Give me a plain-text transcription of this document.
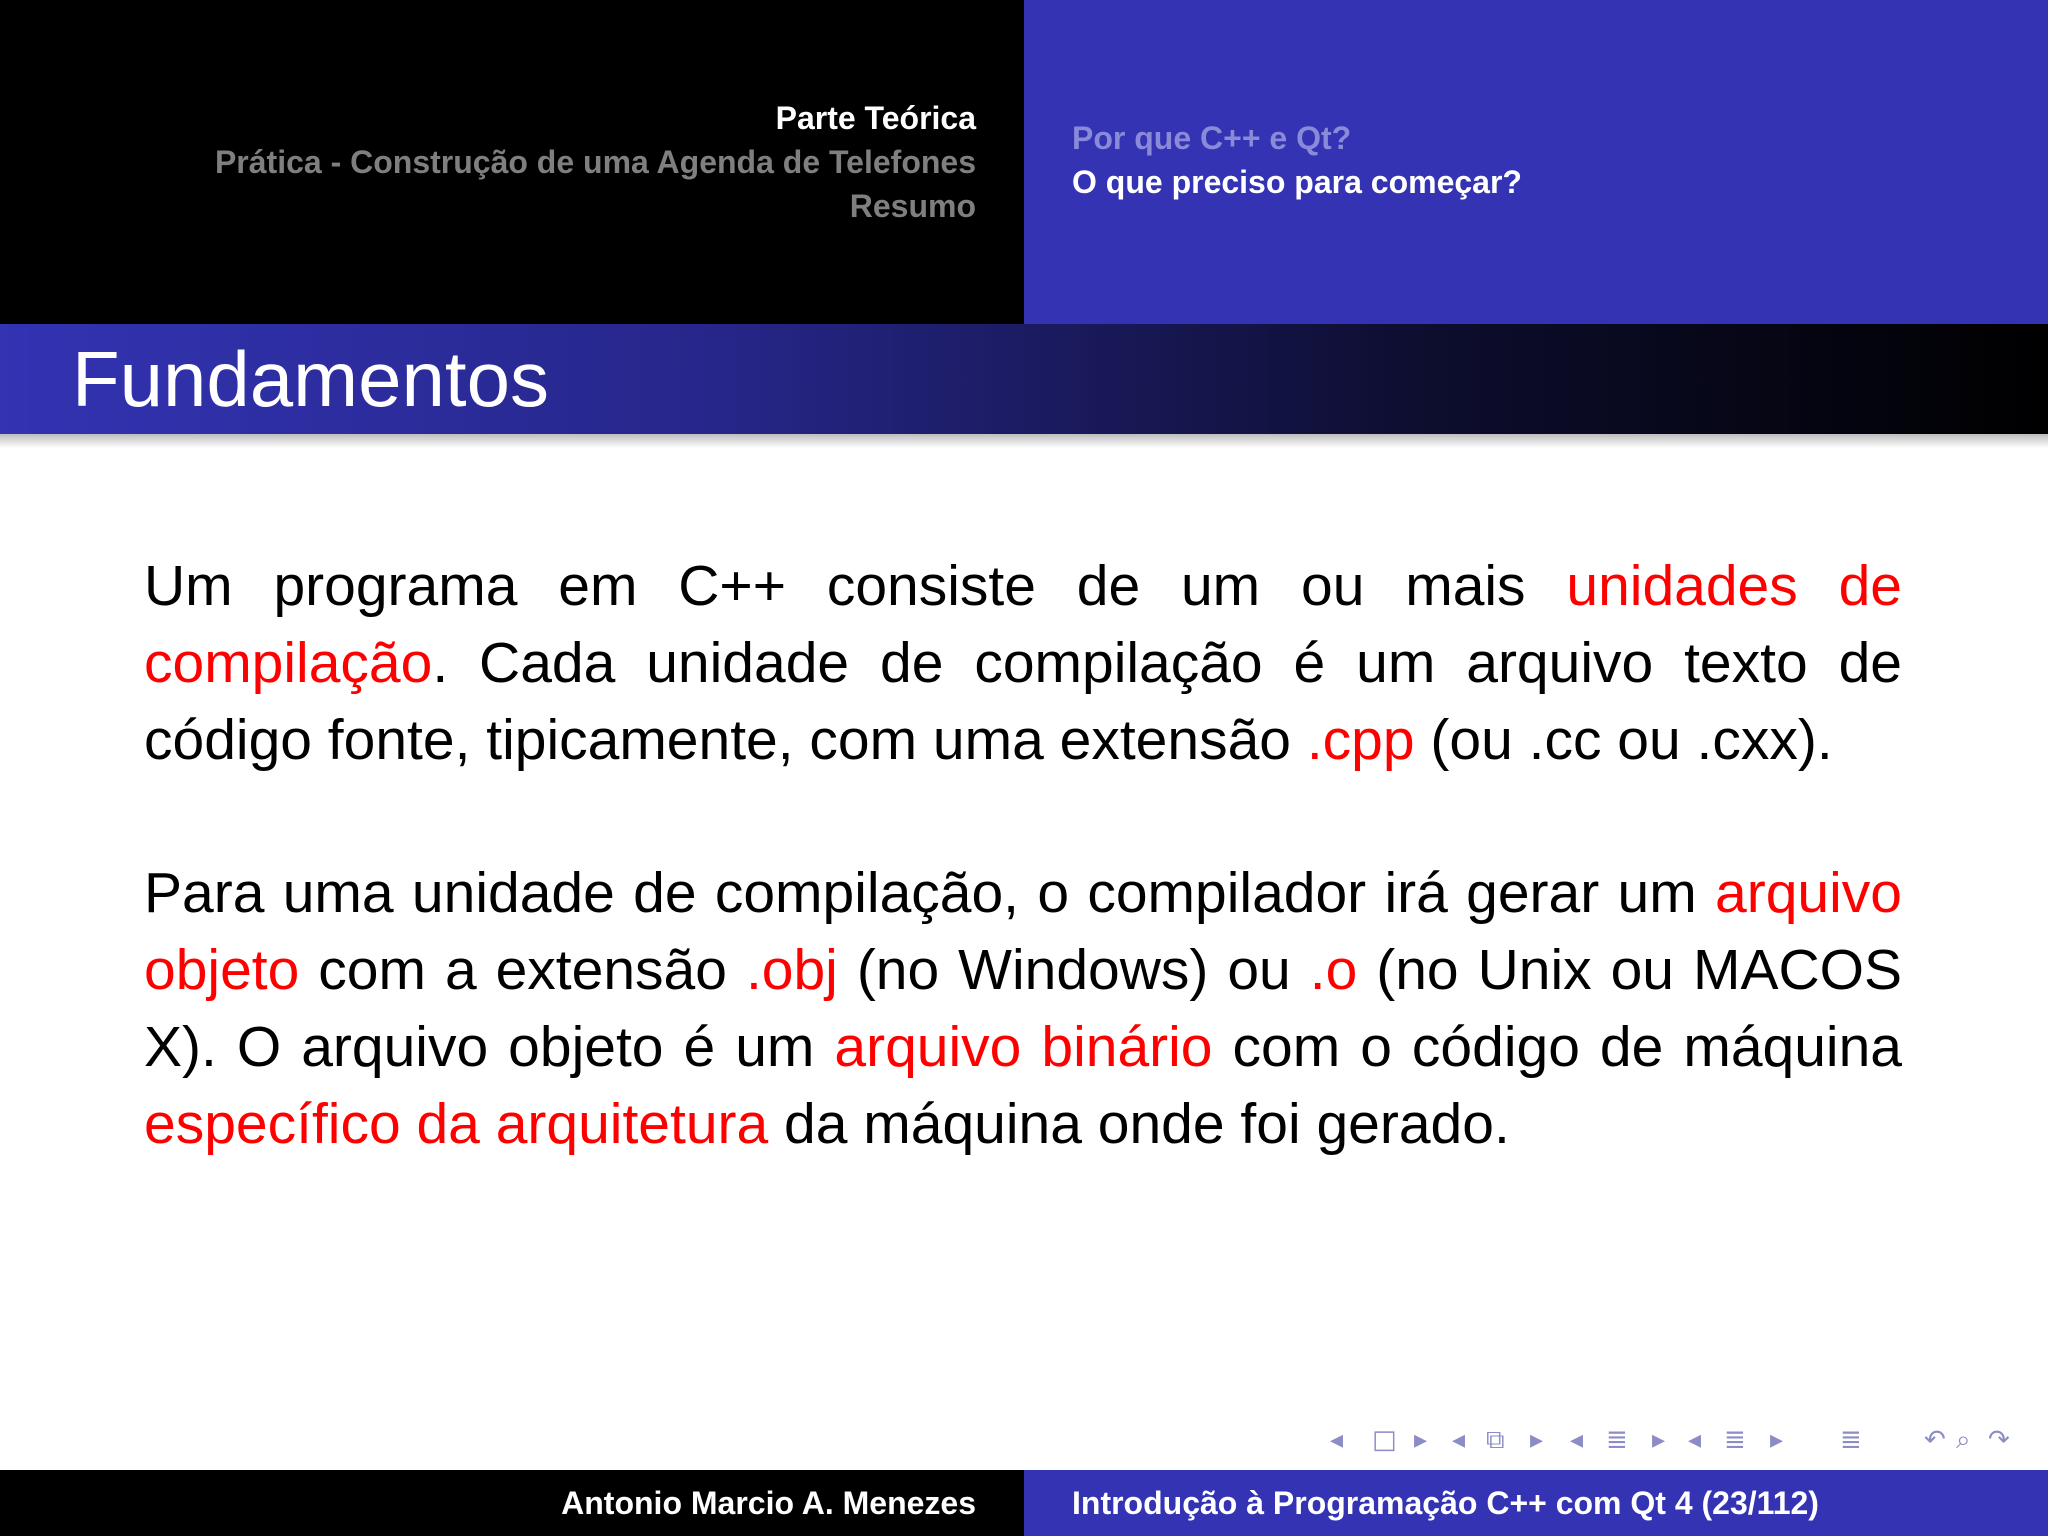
Parte Teórica
Prática - Construção de uma Agenda de Telefones
Resumo
Por que C++ e Qt?
O que preciso para começar?
Fundamentos

Um programa em C++ consiste de um ou mais unidades de compilação. Cada unidade de compilação é um arquivo texto de código fonte, tipicamente, com uma extensão .cpp (ou .cc ou .cxx).

Para uma unidade de compilação, o compilador irá gerar um arquivo objeto com a extensão .obj (no Windows) ou .o (no Unix ou MACOS X). O arquivo objeto é um arquivo binário com o código de máquina específico da arquitetura da máquina onde foi gerado.

◂ □ ▸ ◂ ⧉ ▸ ◂ ≣ ▸ ◂ ≣ ▸ ≣ ↶ ⌕ ↷
Antonio Marcio A. Menezes	Introdução à Programação C++ com Qt 4 (23/112)
